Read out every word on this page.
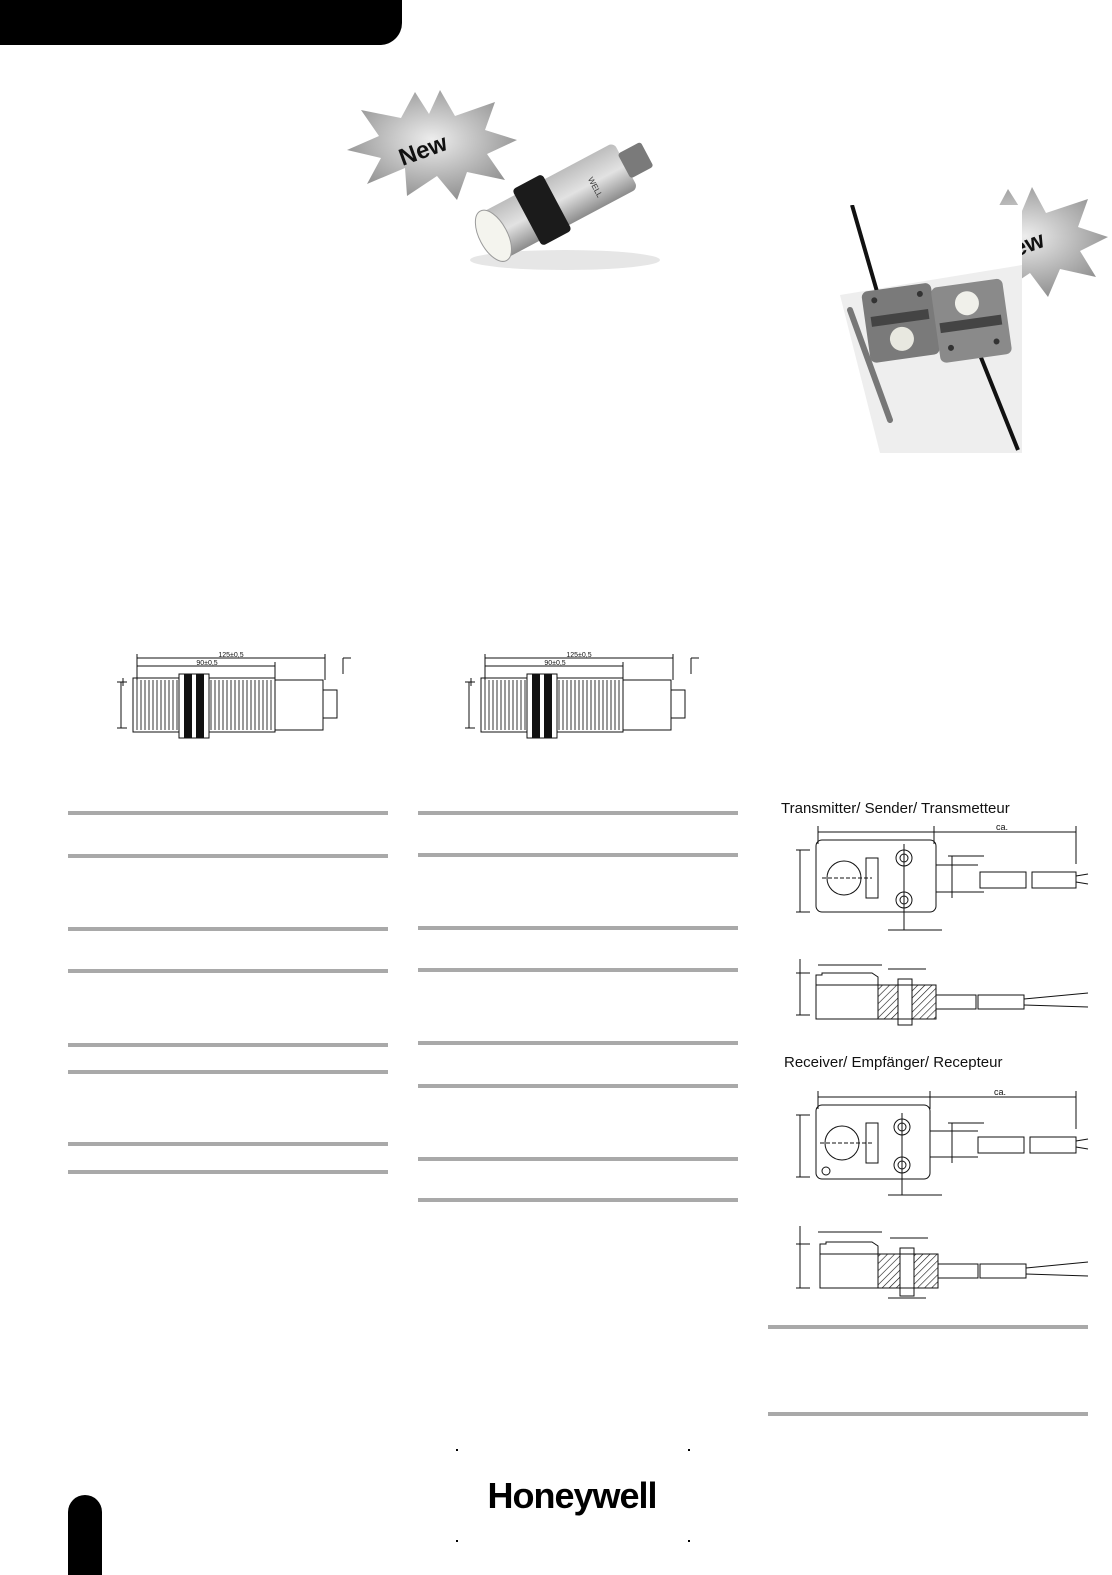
New
WELL
125±0,5
90±0,5
125±0,5
90±0,5
Transmitter/ Sender/ Transmetteur
ca.
Receiver/ Empfänger/ Recepteur
ca.
Honeywell
